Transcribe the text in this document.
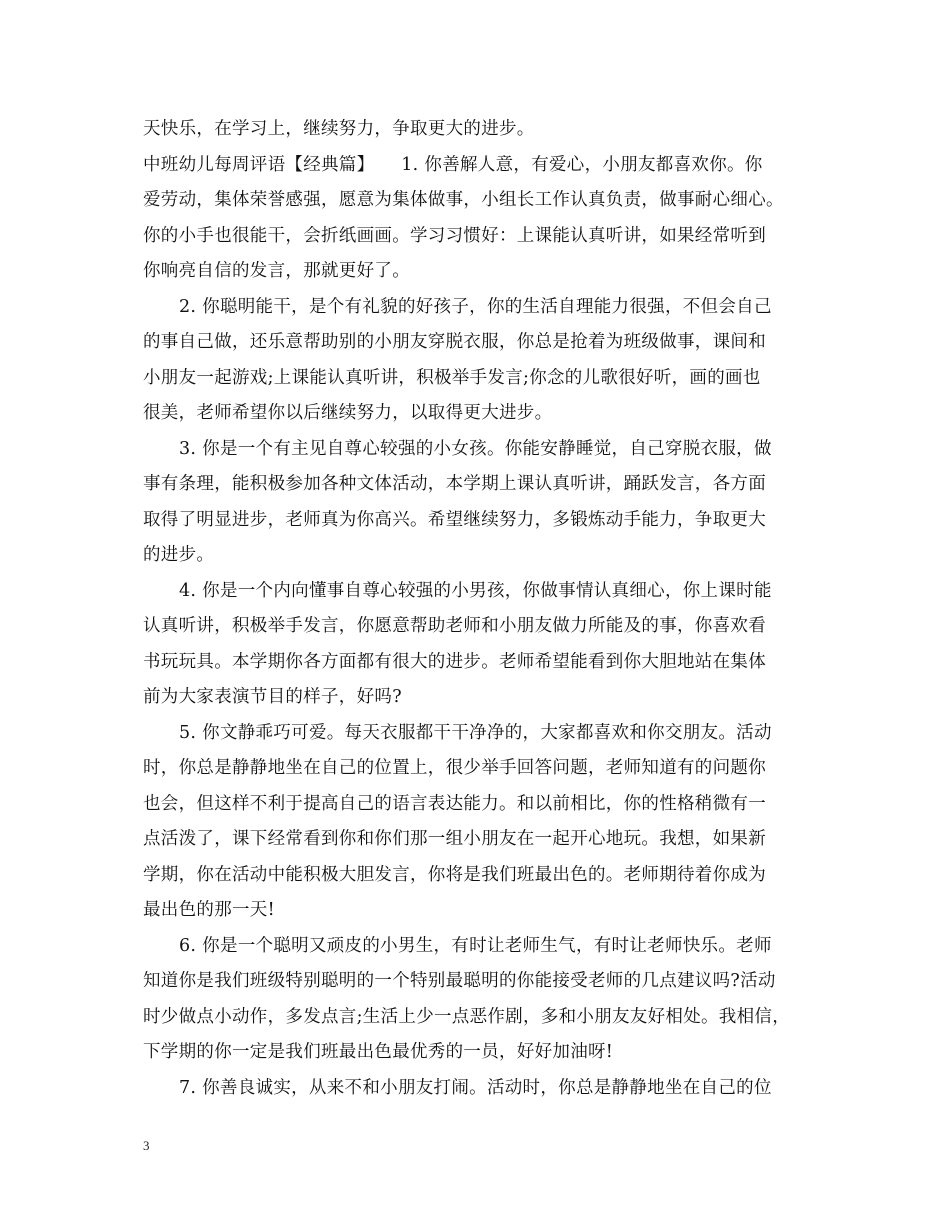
天快乐，在学习上，继续努力，争取更大的进步。
中班幼儿每周评语【经典篇】　　1. 你善解人意，有爱心，小朋友都喜欢你。你
爱劳动，集体荣誉感强，愿意为集体做事，小组长工作认真负责，做事耐心细心。
你的小手也很能干，会折纸画画。学习习惯好：上课能认真听讲，如果经常听到
你响亮自信的发言，那就更好了。
2. 你聪明能干，是个有礼貌的好孩子，你的生活自理能力很强，不但会自己
的事自己做，还乐意帮助别的小朋友穿脱衣服，你总是抢着为班级做事，课间和
小朋友一起游戏;上课能认真听讲，积极举手发言;你念的儿歌很好听，画的画也
很美，老师希望你以后继续努力，以取得更大进步。
3. 你是一个有主见自尊心较强的小女孩。你能安静睡觉，自己穿脱衣服，做
事有条理，能积极参加各种文体活动，本学期上课认真听讲，踊跃发言，各方面
取得了明显进步，老师真为你高兴。希望继续努力，多锻炼动手能力，争取更大
的进步。
4. 你是一个内向懂事自尊心较强的小男孩，你做事情认真细心，你上课时能
认真听讲，积极举手发言，你愿意帮助老师和小朋友做力所能及的事，你喜欢看
书玩玩具。本学期你各方面都有很大的进步。老师希望能看到你大胆地站在集体
前为大家表演节目的样子，好吗?
5. 你文静乖巧可爱。每天衣服都干干净净的，大家都喜欢和你交朋友。活动
时，你总是静静地坐在自己的位置上，很少举手回答问题，老师知道有的问题你
也会，但这样不利于提高自己的语言表达能力。和以前相比，你的性格稍微有一
点活泼了，课下经常看到你和你们那一组小朋友在一起开心地玩。我想，如果新
学期，你在活动中能积极大胆发言，你将是我们班最出色的。老师期待着你成为
最出色的那一天!
6. 你是一个聪明又顽皮的小男生，有时让老师生气，有时让老师快乐。老师
知道你是我们班级特别聪明的一个特别最聪明的你能接受老师的几点建议吗?活动
时少做点小动作，多发点言;生活上少一点恶作剧，多和小朋友友好相处。我相信，
下学期的你一定是我们班最出色最优秀的一员，好好加油呀!
7. 你善良诚实，从来不和小朋友打闹。活动时，你总是静静地坐在自己的位
3
